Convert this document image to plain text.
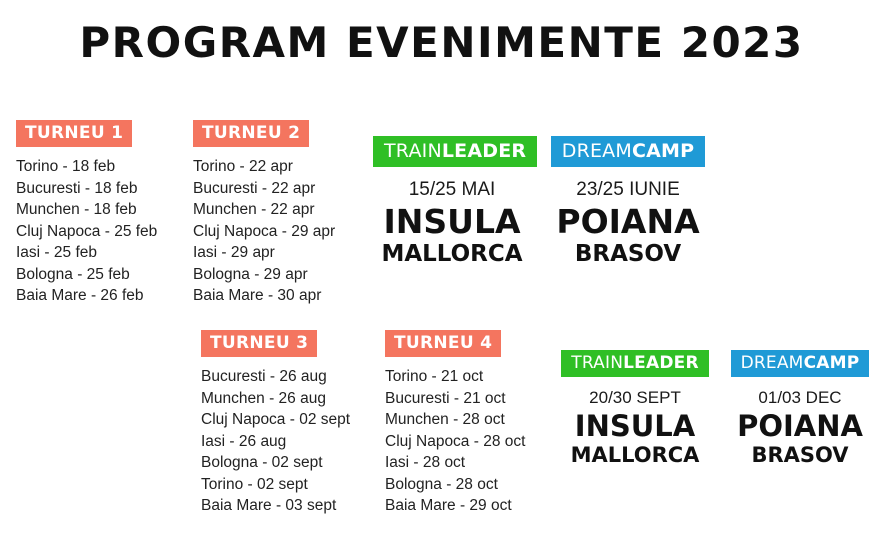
PROGRAM EVENIMENTE 2023
TURNEU 1
Torino - 18 feb
Bucuresti - 18 feb
Munchen - 18 feb
Cluj Napoca - 25 feb
Iasi - 25 feb
Bologna - 25 feb
Baia Mare - 26 feb
TURNEU 2
Torino - 22 apr
Bucuresti - 22 apr
Munchen - 22 apr
Cluj Napoca - 29 apr
Iasi - 29 apr
Bologna - 29 apr
Baia Mare - 30 apr
TURNEU 3
Bucuresti - 26 aug
Munchen - 26 aug
Cluj Napoca - 02 sept
Iasi - 26 aug
Bologna - 02 sept
Torino - 02 sept
Baia Mare - 03 sept
TURNEU 4
Torino - 21 oct
Bucuresti - 21 oct
Munchen - 28 oct
Cluj Napoca - 28 oct
Iasi - 28 oct
Bologna - 28 oct
Baia Mare - 29 oct
TRAINLEADER
15/25 MAI
INSULA
MALLORCA
DREAMCAMP
23/25 IUNIE
POIANA
BRASOV
TRAINLEADER
20/30 SEPT
INSULA
MALLORCA
DREAMCAMP
01/03 DEC
POIANA
BRASOV
